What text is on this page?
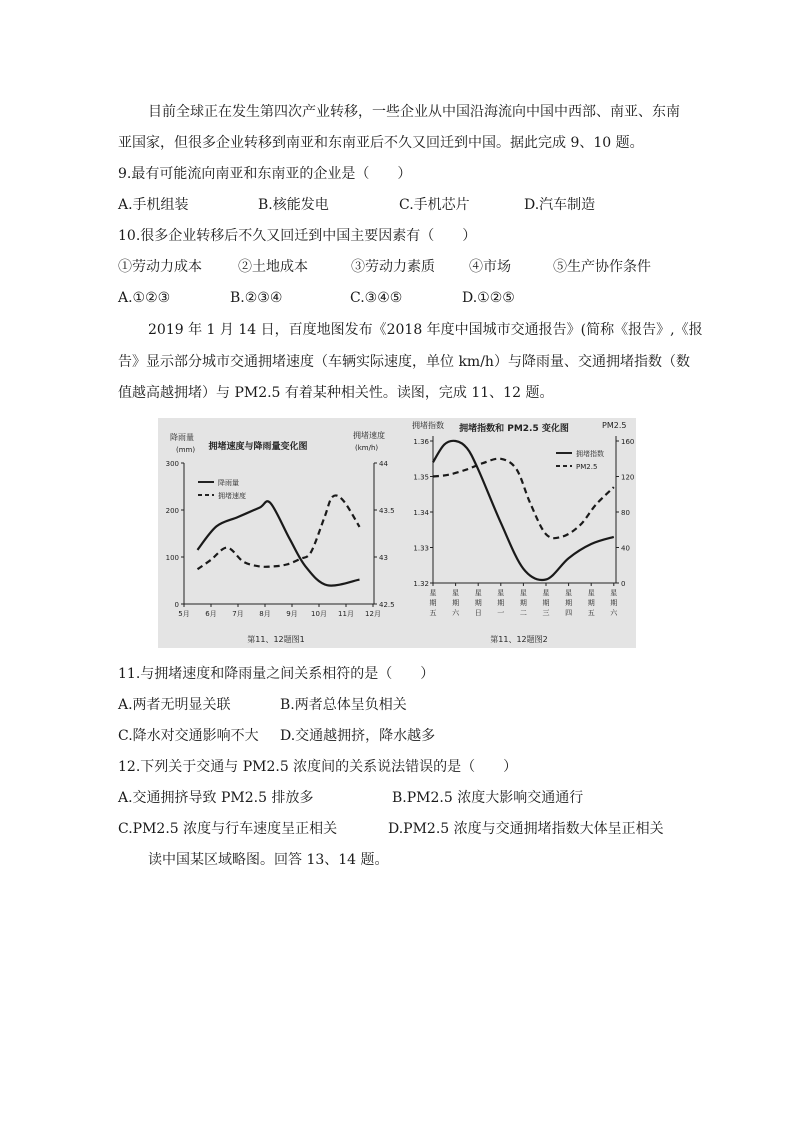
目前全球正在发生第四次产业转移，一些企业从中国沿海流向中国中西部、南亚、东南
亚国家，但很多企业转移到南亚和东南亚后不久又回迁到中国。据此完成 9、10 题。
9.最有可能流向南亚和东南亚的企业是（　　）
A.手机组装	B.核能发电	C.手机芯片	D.汽车制造
10.很多企业转移后不久又回迁到中国主要因素有（　　）
①劳动力成本	②土地成本	③劳动力素质 ④市场	⑤生产协作条件
A.①②③	B.②③④	C.③④⑤	D.①②⑤
2019 年 1 月 14 日，百度地图发布《2018 年度中国城市交通报告》(简称《报告》,《报
告》显示部分城市交通拥堵速度（车辆实际速度，单位 km/h）与降雨量、交通拥堵指数（数
值越高越拥堵）与 PM2.5 有着某种相关性。读图，完成 11、12 题。
拥堵速度与降雨量变化图
降雨量
(mm)
拥堵速度
(km/h)
降雨量
拥堵速度
第11、12题图1
0
100
200
300
42.5
43
43.5
44
5月 6月 7月 8月 9月 10月 11月 12月
拥堵指数和 PM2.5 变化图
拥堵指数	PM2.5
拥堵指数
PM2.5
第11、12题图2
1.32
1.33
1.34
1.35
1.36
0
40
80
120
160
星期五
星期六
星期日
星期一
星期二
星期三
星期四
星期五
星期六
11.与拥堵速度和降雨量之间关系相符的是（　　）
A.两者无明显关联	B.两者总体呈负相关
C.降水对交通影响不大 D.交通越拥挤，降水越多
12.下列关于交通与 PM2.5 浓度间的关系说法错误的是（　　）
A.交通拥挤导致 PM2.5 排放多	B.PM2.5 浓度大影响交通通行
C.PM2.5 浓度与行车速度呈正相关	D.PM2.5 浓度与交通拥堵指数大体呈正相关
读中国某区域略图。回答 13、14 题。
